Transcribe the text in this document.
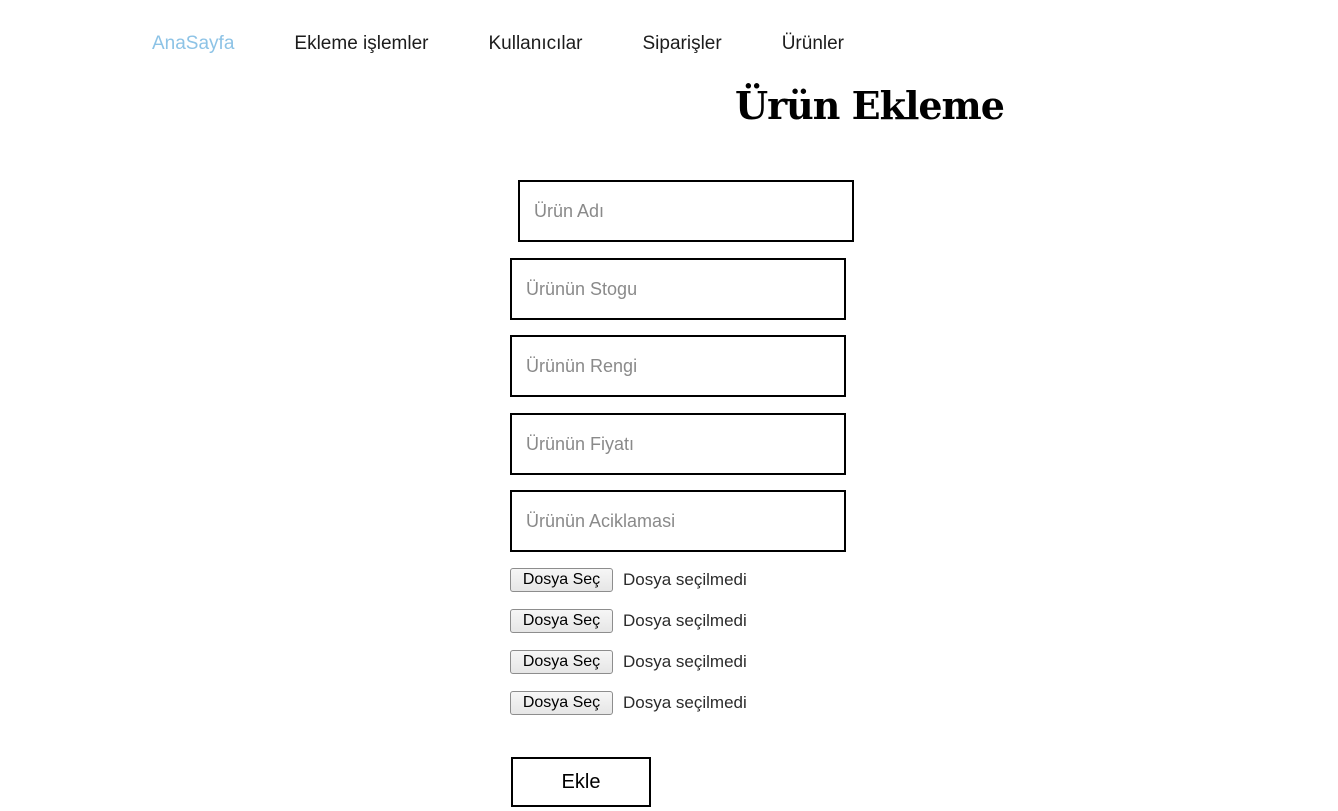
AnaSayfa	Ekleme işlemler	Kullanıcılar	Siparişler	Ürünler
Ürün Ekleme
Ürün Adı
Ürünün Stogu
Ürünün Rengi
Ürünün Fiyatı
Ürünün Aciklamasi
Dosya Seç	Dosya seçilmedi
Dosya Seç	Dosya seçilmedi
Dosya Seç	Dosya seçilmedi
Dosya Seç	Dosya seçilmedi
Ekle
